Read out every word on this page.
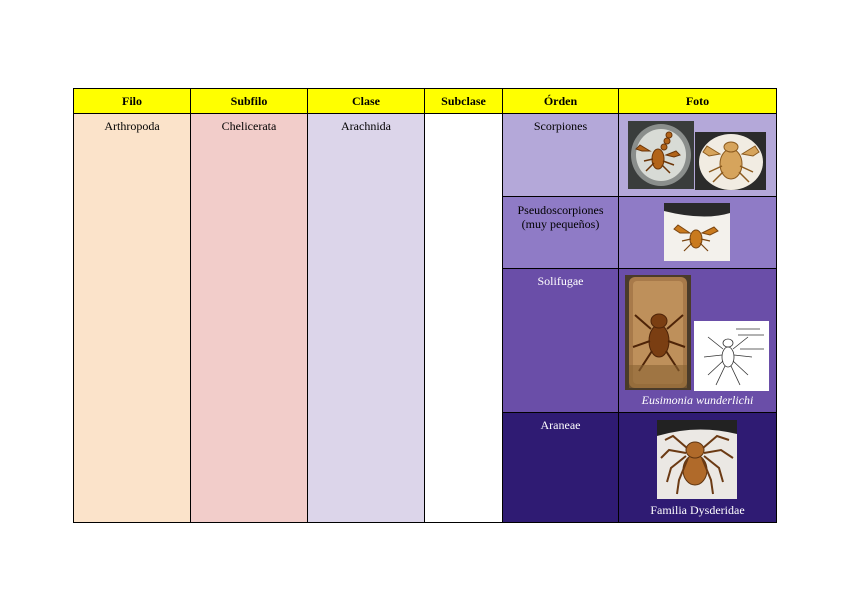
Filo	Subfilo	Clase	Subclase	Órden	Foto

Arthropoda	Chelicerata	Arachnida		Scorpiones

				Pseudoscorpiones
(muy pequeños)

				Solifugae	Eusimonia wunderlichi

				Araneae	Familia Dysderidae
